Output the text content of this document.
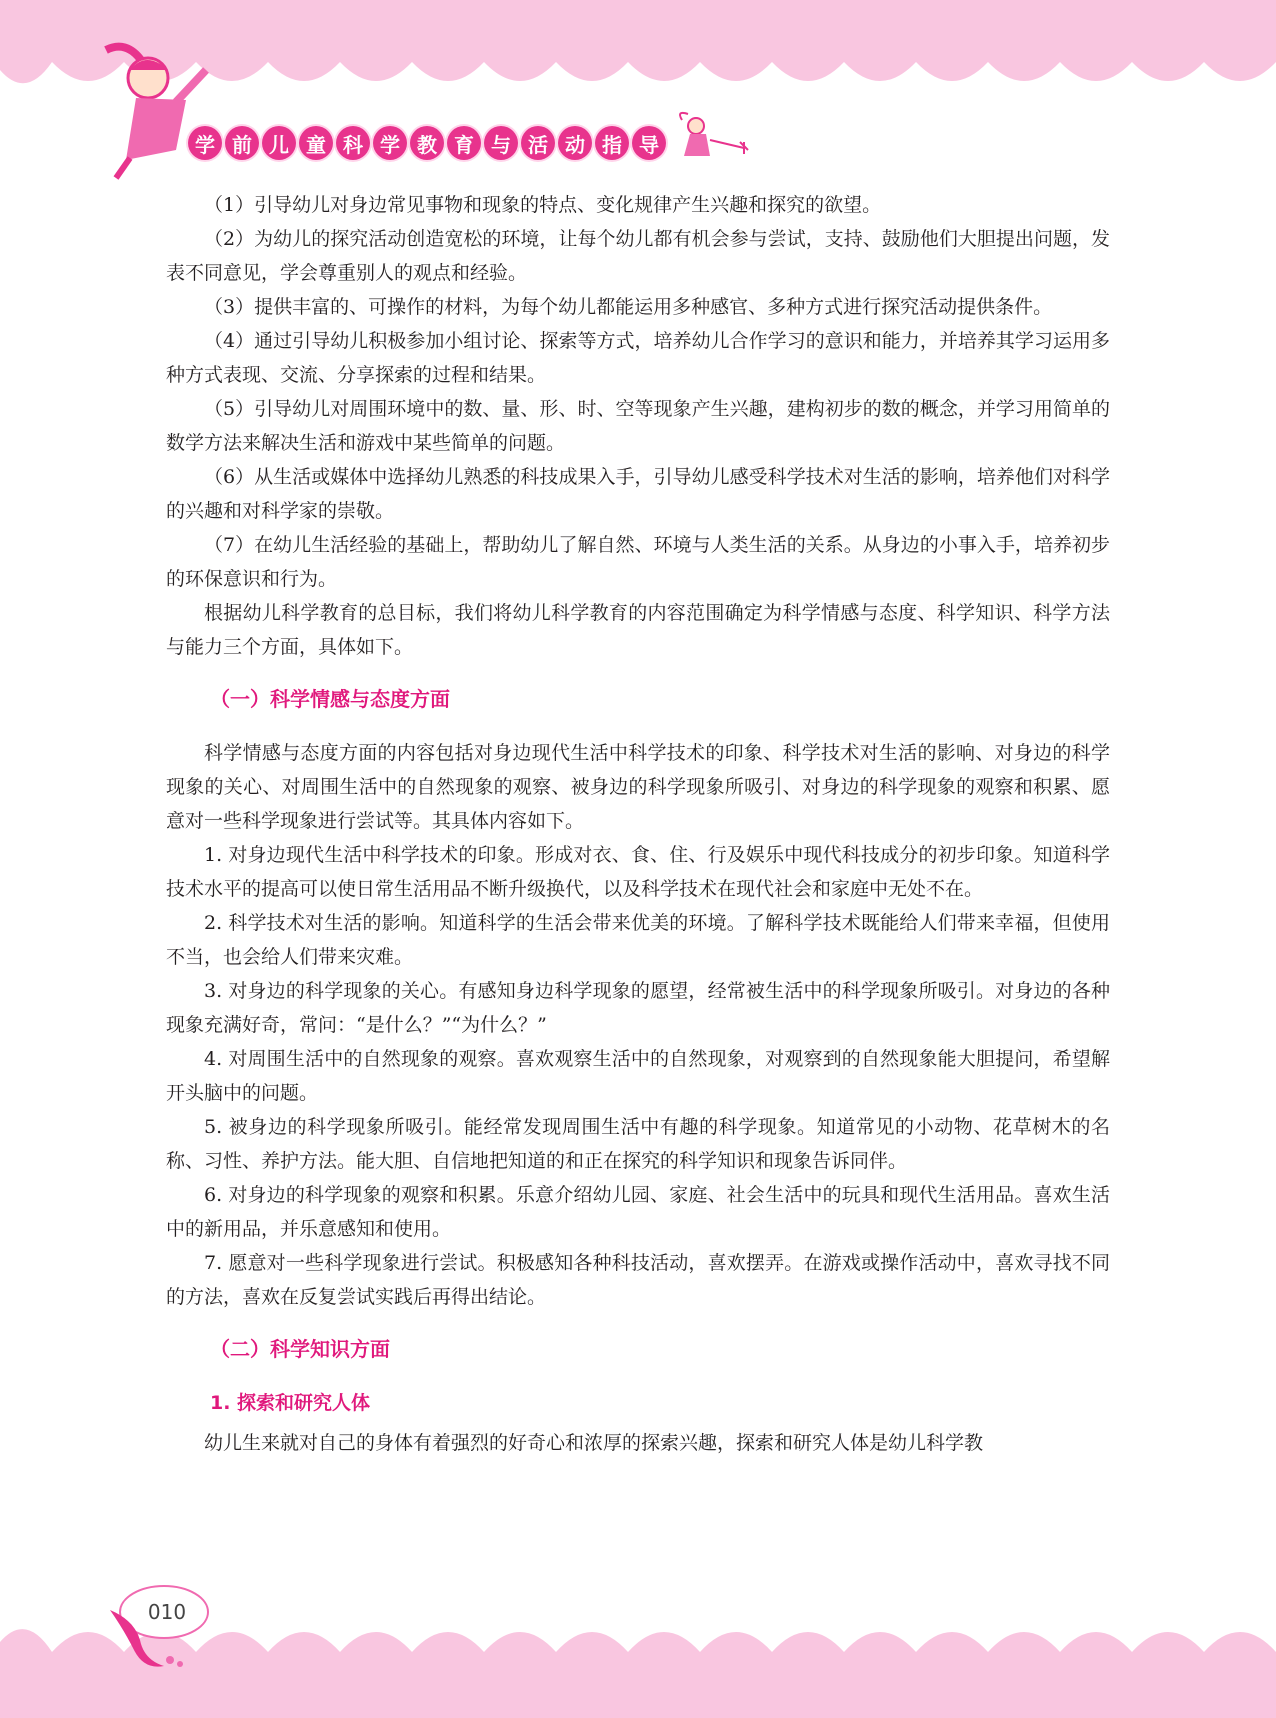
学 前 儿 童 科 学 教 育 与 活 动 指 导

（1）引导幼儿对身边常见事物和现象的特点、变化规律产生兴趣和探究的欲望。

（2）为幼儿的探究活动创造宽松的环境，让每个幼儿都有机会参与尝试，支持、鼓励他们大胆提出问题，发表不同意见，学会尊重别人的观点和经验。

（3）提供丰富的、可操作的材料，为每个幼儿都能运用多种感官、多种方式进行探究活动提供条件。

（4）通过引导幼儿积极参加小组讨论、探索等方式，培养幼儿合作学习的意识和能力，并培养其学习运用多种方式表现、交流、分享探索的过程和结果。

（5）引导幼儿对周围环境中的数、量、形、时、空等现象产生兴趣，建构初步的数的概念，并学习用简单的数学方法来解决生活和游戏中某些简单的问题。

（6）从生活或媒体中选择幼儿熟悉的科技成果入手，引导幼儿感受科学技术对生活的影响，培养他们对科学的兴趣和对科学家的崇敬。

（7）在幼儿生活经验的基础上，帮助幼儿了解自然、环境与人类生活的关系。从身边的小事入手，培养初步的环保意识和行为。

根据幼儿科学教育的总目标，我们将幼儿科学教育的内容范围确定为科学情感与态度、科学知识、科学方法与能力三个方面，具体如下。

（一）科学情感与态度方面

科学情感与态度方面的内容包括对身边现代生活中科学技术的印象、科学技术对生活的影响、对身边的科学现象的关心、对周围生活中的自然现象的观察、被身边的科学现象所吸引、对身边的科学现象的观察和积累、愿意对一些科学现象进行尝试等。其具体内容如下。

1. 对身边现代生活中科学技术的印象。形成对衣、食、住、行及娱乐中现代科技成分的初步印象。知道科学技术水平的提高可以使日常生活用品不断升级换代，以及科学技术在现代社会和家庭中无处不在。

2. 科学技术对生活的影响。知道科学的生活会带来优美的环境。了解科学技术既能给人们带来幸福，但使用不当，也会给人们带来灾难。

3. 对身边的科学现象的关心。有感知身边科学现象的愿望，经常被生活中的科学现象所吸引。对身边的各种现象充满好奇，常问：“是什么？”“为什么？”

4. 对周围生活中的自然现象的观察。喜欢观察生活中的自然现象，对观察到的自然现象能大胆提问，希望解开头脑中的问题。

5. 被身边的科学现象所吸引。能经常发现周围生活中有趣的科学现象。知道常见的小动物、花草树木的名称、习性、养护方法。能大胆、自信地把知道的和正在探究的科学知识和现象告诉同伴。

6. 对身边的科学现象的观察和积累。乐意介绍幼儿园、家庭、社会生活中的玩具和现代生活用品。喜欢生活中的新用品，并乐意感知和使用。

7. 愿意对一些科学现象进行尝试。积极感知各种科技活动，喜欢摆弄。在游戏或操作活动中，喜欢寻找不同的方法，喜欢在反复尝试实践后再得出结论。

（二）科学知识方面

1. 探索和研究人体

幼儿生来就对自己的身体有着强烈的好奇心和浓厚的探索兴趣，探索和研究人体是幼儿科学教

010
